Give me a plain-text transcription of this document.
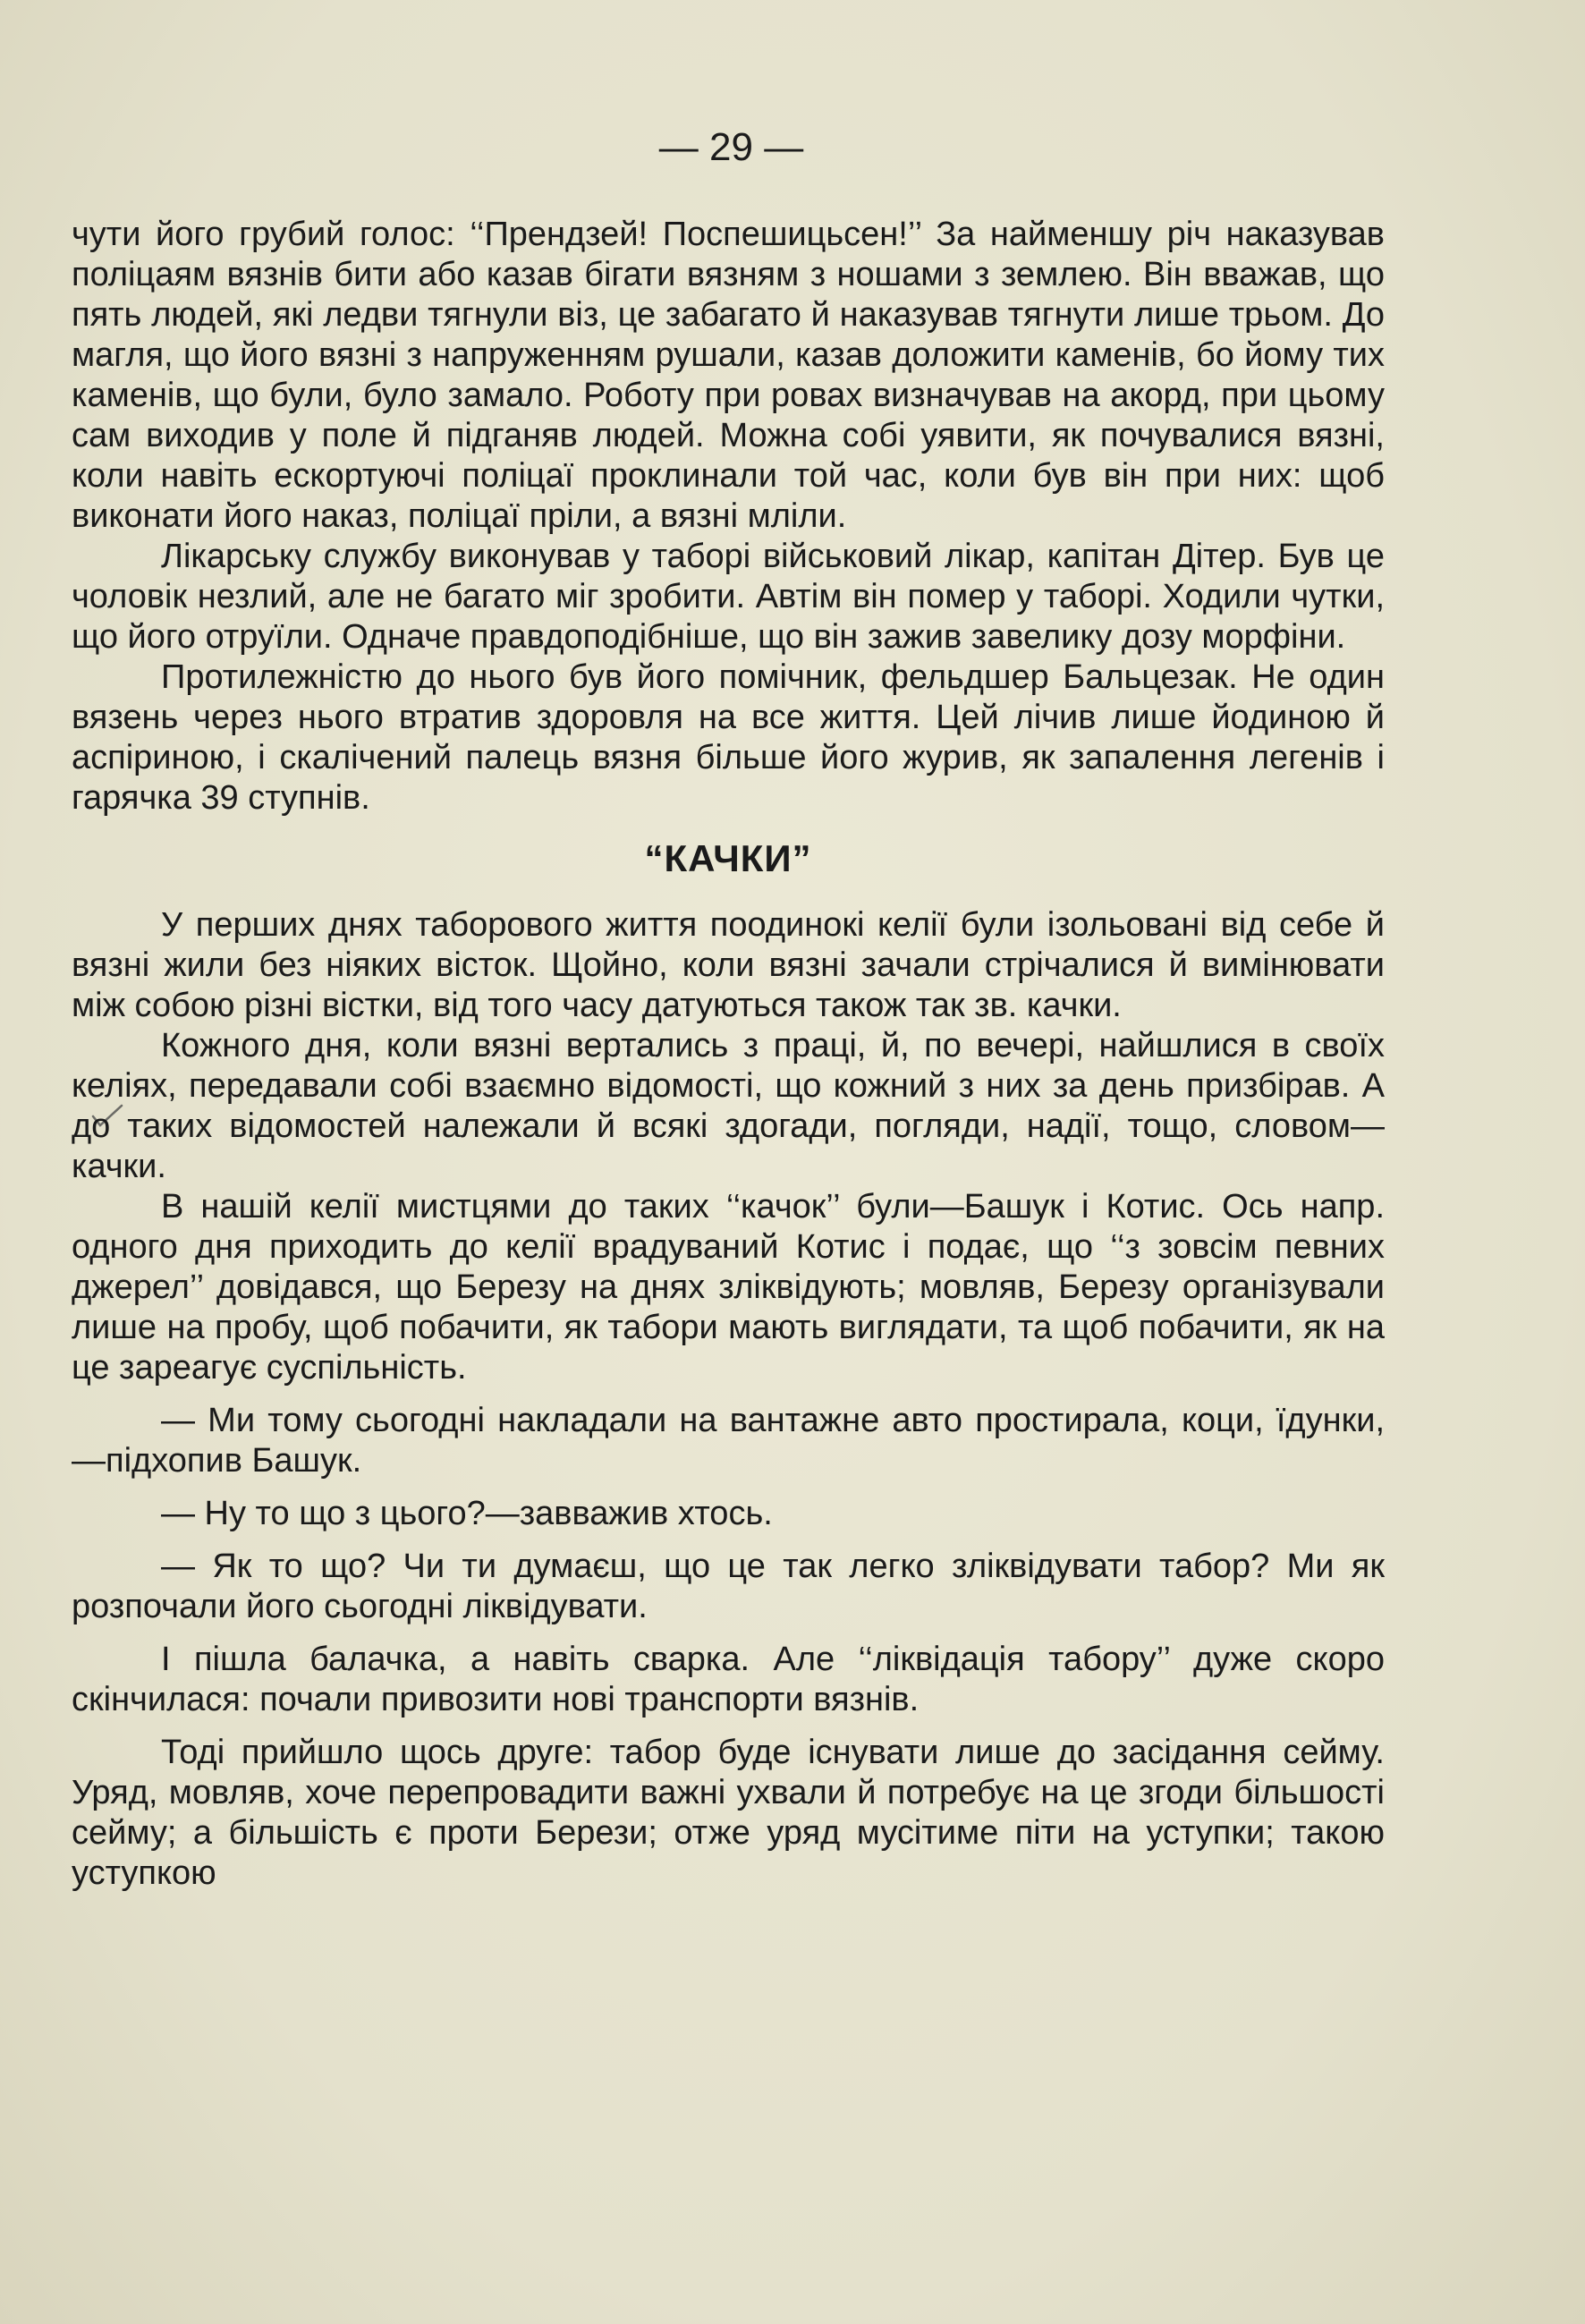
— 29 —

чути його грубий голос: ‘‘Прендзей! Поспешицьсен!’’ За найменшу річ наказував поліцаям вязнів бити або казав бігати вязням з ношами з землею. Він вважав, що пять людей, які ледви тягнули віз, це забагато й наказував тягнути лише трьом. До магля, що його вязні з напруженням рушали, казав доложити каменів, бо йому тих каменів, що були, було замало. Роботу при ровах визначував на акорд, при цьому сам виходив у поле й підганяв людей. Можна собі уявити, як почувалися вязні, коли навіть ескортуючі поліцаї проклинали той час, коли був він при них: щоб виконати його наказ, поліцаї пріли, а вязні мліли.

Лікарську службу виконував у таборі військовий лікар, капітан Дітер. Був це чоловік незлий, але не багато міг зробити. Автім він помер у таборі. Ходили чутки, що його отруїли. Одначе правдоподібніше, що він зажив завелику дозу морфіни.

Протилежністю до нього був його помічник, фельдшер Бальцезак. Не один вязень через нього втратив здоровля на все життя. Цей лічив лише йодиною й аспіриною, і скалічений палець вязня більше його журив, як запалення легенів і гарячка 39 ступнів.

“КАЧКИ”

У перших днях таборового життя поодинокі келії були ізольовані від себе й вязні жили без ніяких вісток. Щойно, коли вязні зачали стрічалися й вимінювати між собою різні вістки, від того часу датуються також так зв. качки.

Кожного дня, коли вязні вертались з праці, й, по вечері, найшлися в своїх келіях, передавали собі взаємно відомості, що кожний з них за день призбірав. А до таких відомостей належали й всякі здогади, погляди, надії, тощо, словом—качки.

В нашій келії мистцями до таких ‘‘качок’’ були—Башук і Котис. Ось напр. одного дня приходить до келії врадуваний Котис і подає, що ‘‘з зовсім певних джерел’’ довідався, що Березу на днях зліквідують; мовляв, Березу організували лише на пробу, щоб побачити, як табори мають виглядати, та щоб побачити, як на це зареагує суспільність.

— Ми тому сьогодні накладали на вантажне авто простирала, коци, їдунки,—підхопив Башук.

— Ну то що з цього?—завважив хтось.

— Як то що? Чи ти думаєш, що це так легко зліквідувати табор? Ми як розпочали його сьогодні ліквідувати.

І пішла балачка, а навіть сварка. Але ‘‘ліквідація табору’’ дуже скоро скінчилася: почали привозити нові транспорти вязнів.

Тоді прийшло щось друге: табор буде існувати лише до засідання сейму. Уряд, мовляв, хоче перепровадити важні ухвали й потребує на це згоди більшості сейму; а більшість є проти Берези; отже уряд мусітиме піти на уступки; такою уступкою
